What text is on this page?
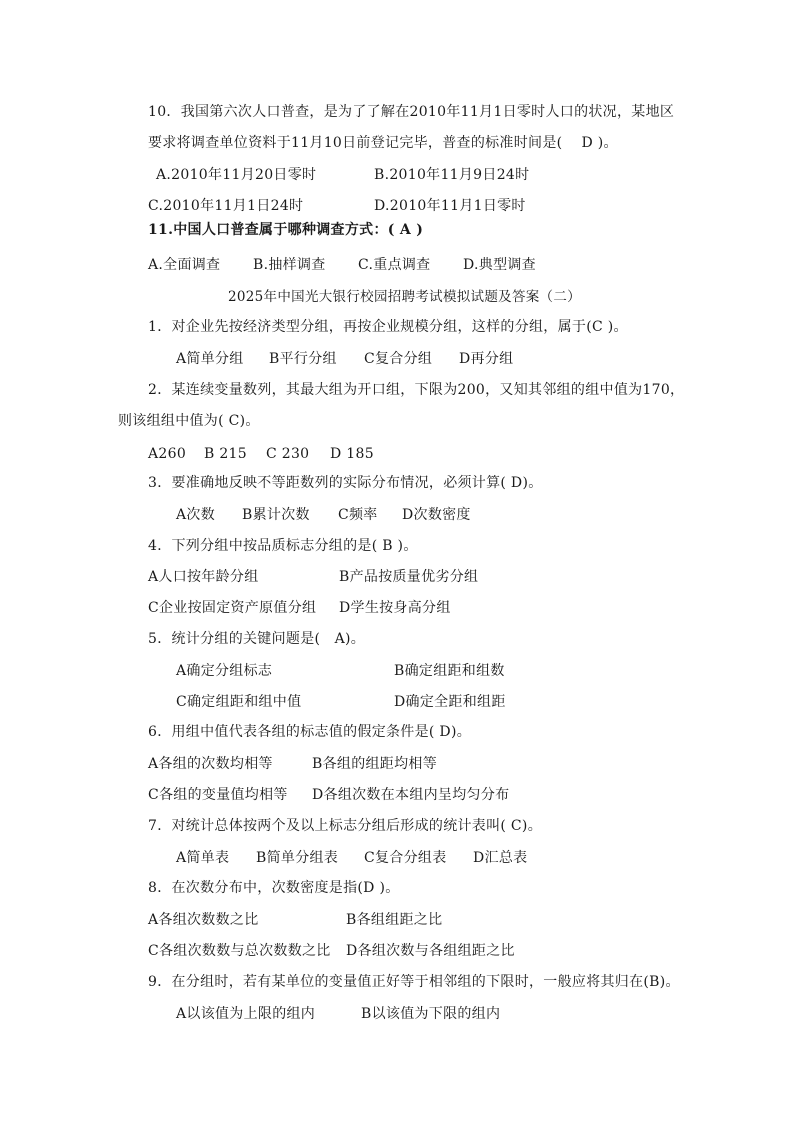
10．我国第六次人口普查，是为了了解在2010年11月1日零时人口的状况，某地区
要求将调查单位资料于11月10日前登记完毕，普查的标准时间是(　 D )。
A.2010年11月20日零时	B.2010年11月9日24时
C.2010年11月1日24时	D.2010年11月1日零时
11.中国人口普查属于哪种调查方式：( A )
A.全面调查 B.抽样调查 C.重点调查 D.典型调查
2025年中国光大银行校园招聘考试模拟试题及答案（二）
1．对企业先按经济类型分组，再按企业规模分组，这样的分组，属于(C )。
A简单分组 B平行分组 C复合分组 D再分组
2．某连续变量数列，其最大组为开口组，下限为200，又知其邻组的组中值为170，
则该组组中值为( C)。
A260 B 215 C 230 D 185
3．要准确地反映不等距数列的实际分布情况，必须计算( D)。
A次数 B累计次数 C频率 D次数密度
4．下列分组中按品质标志分组的是( B )。
A人口按年龄分组	B产品按质量优劣分组
C企业按固定资产原值分组 D学生按身高分组
5．统计分组的关键问题是(　A)。
A确定分组标志	B确定组距和组数
C确定组距和组中值	D确定全距和组距
6．用组中值代表各组的标志值的假定条件是( D)。
A各组的次数均相等	B各组的组距均相等
C各组的变量值均相等 D各组次数在本组内呈均匀分布
7．对统计总体按两个及以上标志分组后形成的统计表叫( C)。
A简单表 B简单分组表 C复合分组表 D汇总表
8．在次数分布中，次数密度是指(D )。
A各组次数数之比	B各组组距之比
C各组次数数与总次数数之比 D各组次数与各组组距之比
9．在分组时，若有某单位的变量值正好等于相邻组的下限时，一般应将其归在(B)。
A以该值为上限的组内	B以该值为下限的组内
